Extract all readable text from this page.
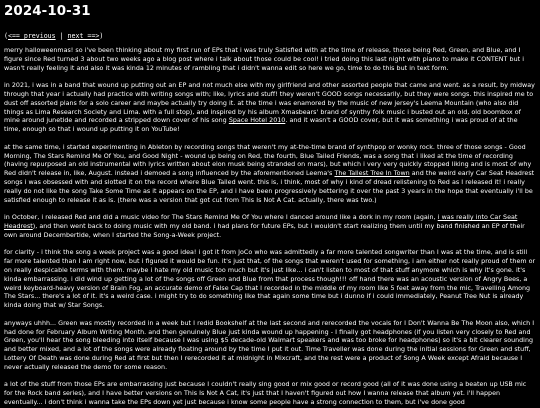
2024-10-31
(<== previous | next ==>)

merry halloweenmas! so i've been thinking about my first run of EPs that i was truly Satisfied with at the time of release, those being Red, Green, and Blue, and I figure since Red turned 3 about two weeks ago a blog post where i talk about those could be cool! i tried doing this last night with piano to make it CONTENT but i wasn't really feeling it and also it was kinda 12 minutes of rambling that i didn't wanna edit so here we go, time to do this but in text form.

in 2021, i was in a band that wound up putting out an EP and not much else with my girlfriend and other assorted people that came and went. as a result, by midway through that year i actually had practice with writing songs with; like, lyrics and stuff! they weren't GOOD songs necessarily, but they were songs. this inspired me to dust off assorted plans for a solo career and maybe actually try doing it. at the time i was enamored by the music of new jersey's Leema Mountain (who also did things as Lima Research Society and Lima. with a full stop), and inspired by his album Xmasbears' brand of synthy folk music i busted out an old, old boombox of mine around junetide and recorded a stripped down cover of his song Space Hotel 2010. and it wasn't a GOOD cover, but it was something i was proud of at the time, enough so that i wound up putting it on YouTube!

at the same time, i started experimenting in Ableton by recording songs that weren't my at-the-time brand of synthpop or wonky rock. three of those songs - Good Morning, The Stars Remind Me Of You, and Good Night - wound up being on Red, the fourth, Blue Tailed Friends, was a song that i liked at the time of recording (having repurposed an old instrumental with lyrics written about elon musk being stranded on mars), but which i very very quickly stopped liking and is most of why Red didn't release in, like, August. instead i demoed a song influenced by the aforementioned Leema's The Tallest Tree In Town and the weird early Car Seat Headrest songs i was obsessed with and slotted it on the record where Blue Tailed went. this is, i think, most of why i kind of dread relistening to Red as I released it! i really really do not like the song Take Some Time as it appears on the EP, and i have been progressively bettering it over the past 3 years in the hope that eventually i'll be satisfied enough to release it as is. (there was a version that got cut from This Is Not A Cat. actually, there was two.)

in October, i released Red and did a music video for The Stars Remind Me Of You where I danced around like a dork in my room (again, i was really into Car Seat Headrest), and then went back to doing music with my old band. i had plans for future EPs, but i wouldn't start realizing them until my band finished an EP of their own around Decembertide, when I started the Song-a-Week project.

for clarity - i think the song a week project was a good idea! i got it from JoCo who was admittedly a far more talented songwriter than I was at the time, and is still far more talented than I am right now, but i figured it would be fun. it's just that, of the songs that weren't used for something, i am either not really proud of them or on really despicable terms with them. maybe i hate my old music too much but it's just like... i can't listen to most of that stuff anymore which is why it's gone. it's kinda embarrassing. i did wind up getting a lot of the songs off Green and Blue from that process though!!! off hand there was an acoustic version of Angry Bees, a weird keyboard-heavy version of Brain Fog, an accurate demo of False Cap that I recorded in the middle of my room like 5 feet away from the mic, Travelling Among The Stars... there's a lot of it. it's a weird case. i might try to do something like that again some time but i dunno if i could immediately, Peanut Tree Nut is already kinda doing that w/ Star Songs.

anyways uhhh... Green was mostly recorded in a week but I redid Bookshelf at the last second and rerecorded the vocals for I Don't Wanna Be The Moon also, which I had done for February Album Writing Month. and then genuinely Blue just kinda wound up happening - I finally got headphones (if you listen very closely to Red and Green, you'll hear the song bleeding into itself because I was using $5 decade-old Walmart speakers and was too broke for headphones) so it's a bit clearer sounding and better mixed, and a lot of the songs were already floating around by the time I put it out. Time Traveller was done during the initial sessions for Green and stuff, Lottery Of Death was done during Red at first but then I rerecorded it at midnight in Mixcraft, and the rest were a product of Song A Week except Afraid because I never actually released the demo for some reason.

a lot of the stuff from those EPs are embarrassing just because I couldn't really sing good or mix good or record good (all of it was done using a beaten up USB mic for the Rock band series), and I have better versions on This Is Not A Cat, it's just that I haven't figured out how I wanna release that album yet. i'll happen eventually... i don't think i wanna take the EPs down yet just because i know some people have a strong connection to them, but i've done good
